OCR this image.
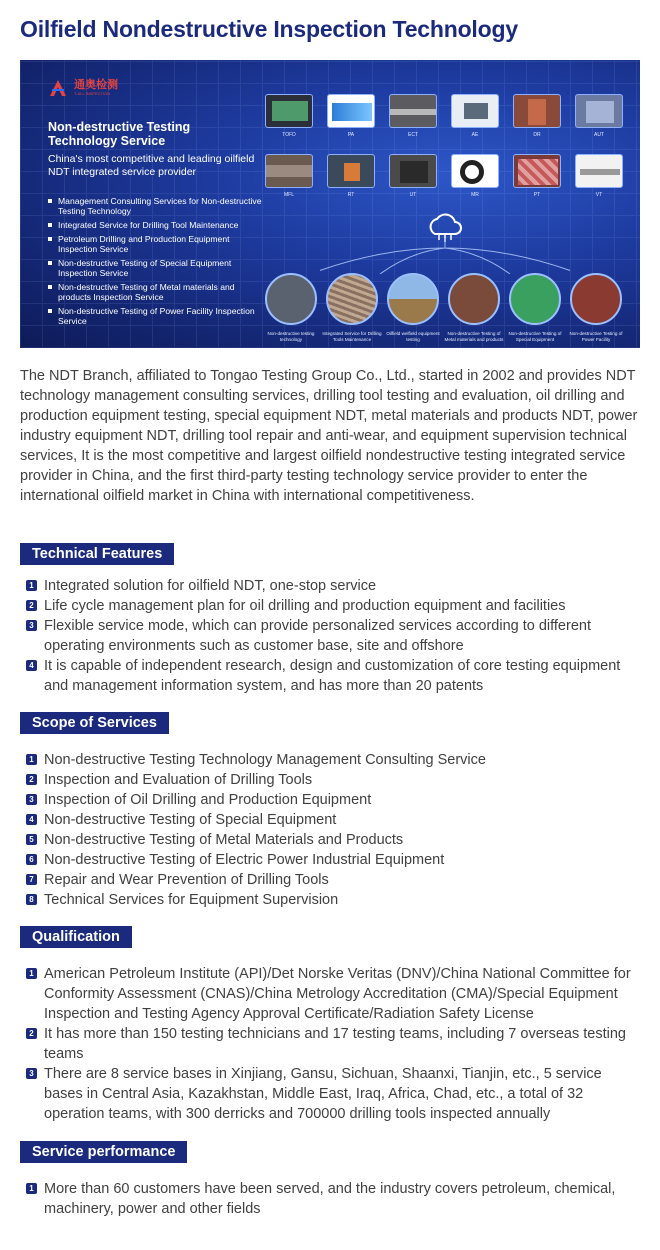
Oilfield Nondestructive Inspection Technology
通奥检测
T-ALL INSPECTION
Non-destructive Testing Technology Service
China's most competitive and leading oilfield NDT integrated service provider
Management Consulting Services for Non-destructive Testing Technology
Integrated Service for Drilling Tool Maintenance
Petroleum Drilling and Production Equipment Inspection Service
Non-destructive Testing of Special Equipment Inspection Service
Non-destructive Testing of Metal materials and products Inspection Service
Non-destructive Testing of Power Facility Inspection Service
TOFD	PA	ECT	AE	DR	AUT
MFL	RT	UT	MR	PT	VT
Non-destructive testing technology
Integrated Service for Drilling Tools Maintenance
Oilfield welfield equipment testing
Non-destructive Testing of Metal materials and products
Non-destructive Testing of Special Equipment
Non-destructive Testing of Power Facility

The NDT Branch, affiliated to Tongao Testing Group Co., Ltd., started in 2002 and provides NDT technology management consulting services, drilling tool testing and evaluation, oil drilling and production equipment testing, special equipment NDT, metal materials and products NDT, power industry equipment NDT, drilling tool repair and anti-wear, and equipment supervision technical services, It is the most competitive and largest oilfield nondestructive testing integrated service provider in China, and the first third-party testing technology service provider to enter the international oilfield market in China with international competitiveness.

Technical Features
1 Integrated solution for oilfield NDT, one-stop service
2 Life cycle management plan for oil drilling and production equipment and facilities
3 Flexible service mode, which can provide personalized services according to different operating environments such as customer base, site and offshore
4 It is capable of independent research, design and customization of core testing equipment and management information system, and has more than 20 patents
Scope of Services
1 Non-destructive Testing Technology Management Consulting Service
2 Inspection and Evaluation of Drilling Tools
3 Inspection of Oil Drilling and Production Equipment
4 Non-destructive Testing of Special Equipment
5 Non-destructive Testing of Metal Materials and Products
6 Non-destructive Testing of Electric Power Industrial Equipment
7 Repair and Wear Prevention of Drilling Tools
8 Technical Services for Equipment Supervision
Qualification
1 American Petroleum Institute (API)/Det Norske Veritas (DNV)/China National Committee for Conformity Assessment (CNAS)/China Metrology Accreditation (CMA)/Special Equipment Inspection and Testing Agency Approval Certificate/Radiation Safety License
2 It has more than 150 testing technicians and 17 testing teams, including 7 overseas testing teams
3 There are 8 service bases in Xinjiang, Gansu, Sichuan, Shaanxi, Tianjin, etc., 5 service bases in Central Asia, Kazakhstan, Middle East, Iraq, Africa, Chad, etc., a total of 32 operation teams, with 300 derricks and 700000 drilling tools inspected annually
Service performance
1 More than 60 customers have been served, and the industry covers petroleum, chemical, machinery, power and other fields
